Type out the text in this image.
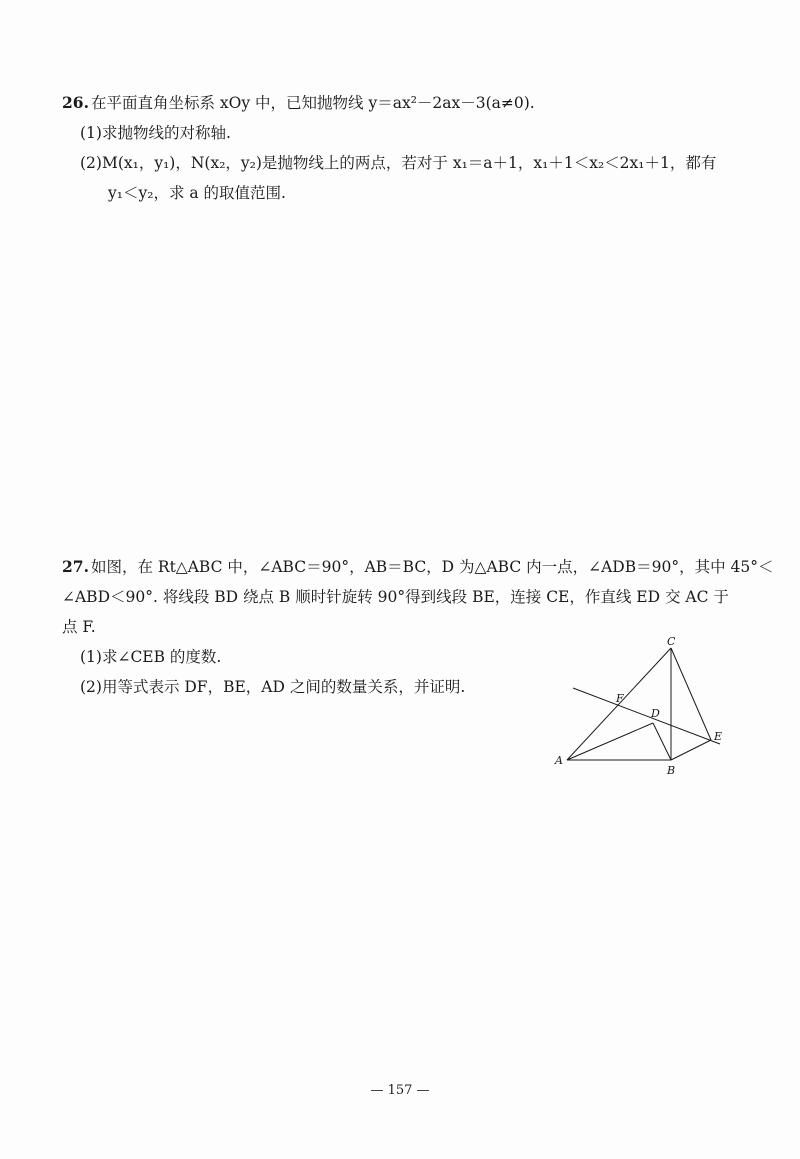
26. 在平面直角坐标系 xOy 中，已知抛物线 y＝ax²－2ax－3(a≠0).
(1)求抛物线的对称轴.
(2)M(x₁，y₁)，N(x₂，y₂)是抛物线上的两点，若对于 x₁＝a＋1，x₁＋1＜x₂＜2x₁＋1，都有
y₁＜y₂，求 a 的取值范围.
27. 如图，在 Rt△ABC 中，∠ABC＝90°，AB＝BC，D 为△ABC 内一点，∠ADB＝90°，其中 45°＜
∠ABD＜90°. 将线段 BD 绕点 B 顺时针旋转 90°得到线段 BE，连接 CE，作直线 ED 交 AC 于
点 F.
(1)求∠CEB 的度数.
(2)用等式表示 DF，BE，AD 之间的数量关系，并证明.
A
B
C
D
E
F
— 157 —
